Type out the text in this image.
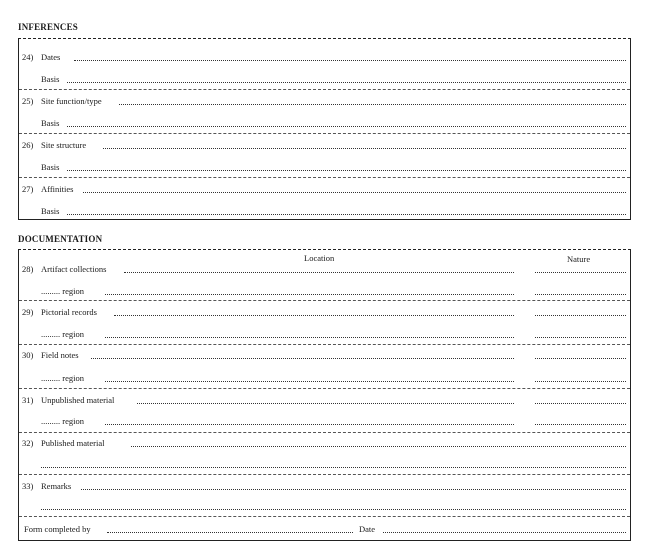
INFERENCES
24) Dates
Basis
25) Site function/type
Basis
26) Site structure
Basis
27) Affinities
Basis
DOCUMENTATION
Location	Nature
28) Artifact collections
......... region
29) Pictorial records
......... region
30) Field notes
......... region
31) Unpublished material
......... region
32) Published material
33) Remarks
Form completed by	Date
